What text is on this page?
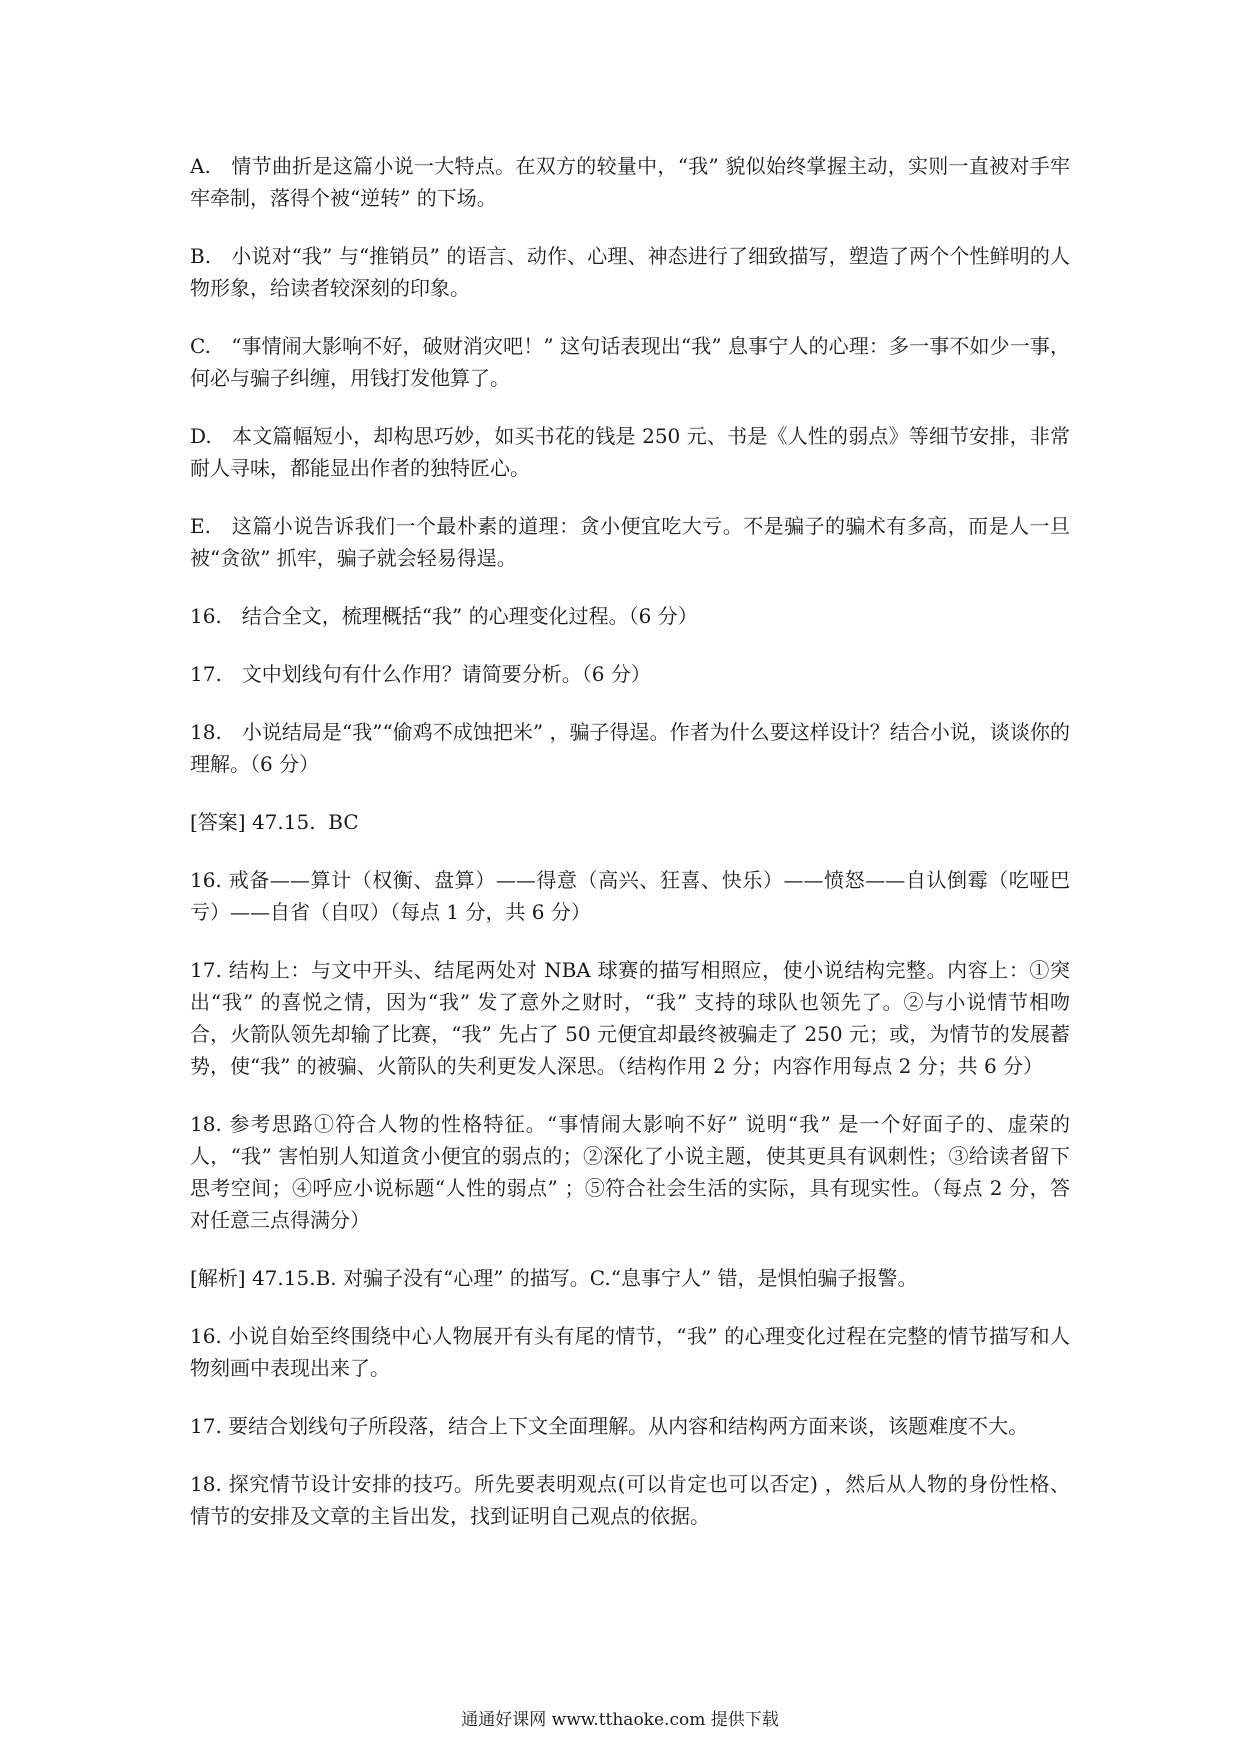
A.　情节曲折是这篇小说一大特点。在双方的较量中，“我” 貌似始终掌握主动，实则一直被对手牢牢牵制，落得个被“逆转” 的下场。

B.　小说对“我” 与“推销员” 的语言、动作、心理、神态进行了细致描写，塑造了两个个性鲜明的人物形象，给读者较深刻的印象。

C.　“事情闹大影响不好，破财消灾吧！” 这句话表现出“我” 息事宁人的心理：多一事不如少一事，何必与骗子纠缠，用钱打发他算了。

D.　本文篇幅短小，却构思巧妙，如买书花的钱是 250 元、书是《人性的弱点》等细节安排，非常耐人寻味，都能显出作者的独特匠心。

E.　这篇小说告诉我们一个最朴素的道理：贪小便宜吃大亏。不是骗子的骗术有多高，而是人一旦被“贪欲” 抓牢，骗子就会轻易得逞。

16.　结合全文，梳理概括“我” 的心理变化过程。（6 分）

17.　文中划线句有什么作用？请简要分析。（6 分）

18.　小说结局是“我”“偷鸡不成蚀把米” ，骗子得逞。作者为什么要这样设计？结合小说，谈谈你的理解。（6 分）

[答案] 47.15.  BC

16. 戒备——算计（权衡、盘算）——得意（高兴、狂喜、快乐）——愤怒——自认倒霉（吃哑巴亏）——自省（自叹）（每点 1 分，共 6 分）

17. 结构上：与文中开头、结尾两处对 NBA 球赛的描写相照应，使小说结构完整。内容上：①突出“我” 的喜悦之情，因为“我” 发了意外之财时，“我” 支持的球队也领先了。②与小说情节相吻合，火箭队领先却输了比赛，“我” 先占了 50 元便宜却最终被骗走了 250 元；或，为情节的发展蓄势，使“我” 的被骗、火箭队的失利更发人深思。（结构作用 2 分；内容作用每点 2 分；共 6 分）

18. 参考思路①符合人物的性格特征。“事情闹大影响不好” 说明“我” 是一个好面子的、虚荣的人，“我” 害怕别人知道贪小便宜的弱点的；②深化了小说主题，使其更具有讽刺性；③给读者留下思考空间；④呼应小说标题“人性的弱点” ；⑤符合社会生活的实际，具有现实性。（每点 2 分，答对任意三点得满分）

[解析] 47.15.B. 对骗子没有“心理” 的描写。C.“息事宁人” 错，是惧怕骗子报警。

16. 小说自始至终围绕中心人物展开有头有尾的情节，“我” 的心理变化过程在完整的情节描写和人物刻画中表现出来了。

17. 要结合划线句子所段落，结合上下文全面理解。从内容和结构两方面来谈，该题难度不大。

18. 探究情节设计安排的技巧。所先要表明观点(可以肯定也可以否定) ，然后从人物的身份性格、情节的安排及文章的主旨出发，找到证明自己观点的依据。

通通好课网 www.tthaoke.com 提供下载
